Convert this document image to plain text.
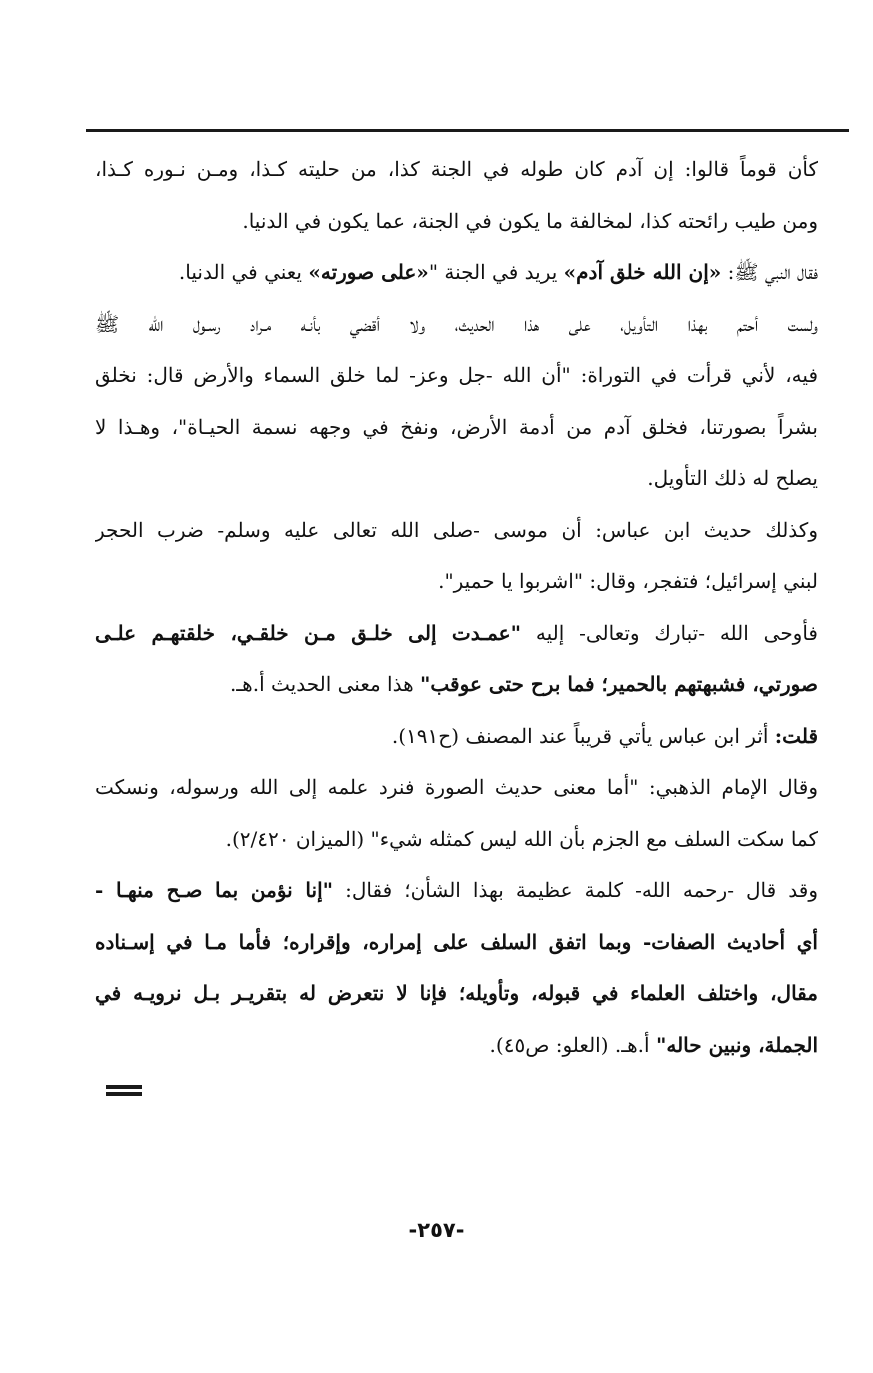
كأن قوماً قالوا: إن آدم كان طوله في الجنة كذا، من حليته كـذا، ومـن نـوره كـذا،
ومن طيب رائحته كذا، لمخالفة ما يكون في الجنة، عما يكون في الدنيا.
فقال النبي ﷺ: «إن الله خلق آدم» يريد في الجنة "«على صورته» يعني في الدنيا.
ولست أحتم بهذا التأويل، على هذا الحديث، ولا أقضي بأنـه مـراد رسـول الله ﷺ
فيه، لأني قرأت في التوراة: "أن الله -جل وعز- لما خلق السماء والأرض قال: نخلق
بشراً بصورتنا، فخلق آدم من أدمة الأرض، ونفخ في وجهه نسمة الحيـاة"، وهـذا لا
يصلح له ذلك التأويل.
وكذلك حديث ابن عباس: أن موسى -صلى الله تعالى عليه وسلم- ضرب الحجر
لبني إسرائيل؛ فتفجر، وقال: "اشربوا يا حمير".
فأوحى الله -تبارك وتعالى- إليه "عمـدت إلى خلـق مـن خلقـي، خلقتهـم علـى
صورتي، فشبهتهم بالحمير؛ فما برح حتى عوقب" هذا معنى الحديث أ.هـ.
قلت: أثر ابن عباس يأتي قريباً عند المصنف (ح١٩١).
وقال الإمام الذهبي: "أما معنى حديث الصورة فنرد علمه إلى الله ورسوله، ونسكت
كما سكت السلف مع الجزم بأن الله ليس كمثله شيء" (الميزان ٢/٤٢٠).
وقد قال -رحمه الله- كلمة عظيمة بهذا الشأن؛ فقال: "إنا نؤمن بما صـح منهـا -
أي أحاديث الصفات- وبما اتفق السلف على إمراره، وإقراره؛ فأما مـا في إسـناده
مقال، واختلف العلماء في قبوله، وتأويله؛ فإنا لا نتعرض له بتقريـر بـل نرويـه في
الجملة، ونبين حاله" أ.هـ. (العلو: ص٤٥).
-٢٥٧-
